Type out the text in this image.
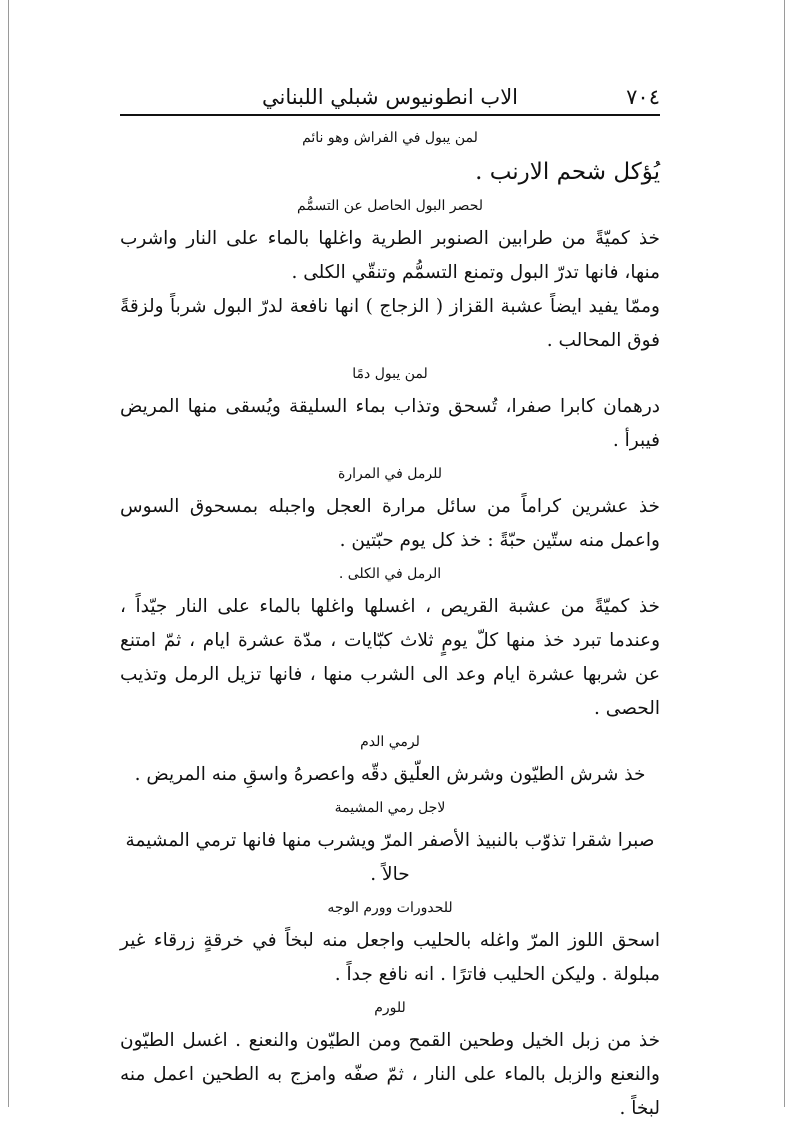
الاب انطونيوس شبلي اللبناني	٧٠٤
لمن يبول في الفراش وهو نائم

يُؤكل شحم الارنب .

لحصر البول الحاصل عن التسمُّم

خذ كميّةً من طرابين الصنوبر الطرية واغلها بالماء على النار واشرب منها، فانها تدرّ البول وتمنع التسمُّم وتنقّي الكلى .

وممّا يفيد ايضاً عشبة القزاز ( الزجاج ) انها نافعة لدرّ البول شرباً ولزقةً فوق المحالب .

لمن يبول دمًا

درهمان كابرا صفرا، تُسحق وتذاب بماء السليقة ويُسقى منها المريض فيبرأ .

للرمل في المرارة

خذ عشرين كراماً من سائل مرارة العجل واجبله بمسحوق السوس واعمل منه ستّين حبّةً : خذ كل يوم حبّتين .

الرمل في الكلى .

خذ كميّةً من عشبة القريص ، اغسلها واغلها بالماء على النار جيّداً ، وعندما تبرد خذ منها كلّ يومٍ ثلاث كبّايات ، مدّة عشرة ايام ، ثمّ امتنع عن شربها عشرة ايام وعد الى الشرب منها ، فانها تزيل الرمل وتذيب الحصى .

لرمي الدم

خذ شرش الطيّون وشرش العلّيق دقّه واعصرهُ واسقِ منه المريض .

لاجل رمي المشيمة

صبرا شقرا تذوّب بالنبيذ الأصفر المرّ ويشرب منها فانها ترمي المشيمة حالاً .

للحدورات وورم الوجه

اسحق اللوز المرّ واغله بالحليب واجعل منه لبخاً في خرقةٍ زرقاء غير مبلولة . وليكن الحليب فاترًا . انه نافع جداً .

للورم

خذ من زبل الخيل وطحين القمح ومن الطيّون والنعنع . اغسل الطيّون والنعنع والزبل بالماء على النار ، ثمّ صفّه وامزج به الطحين اعمل منه لبخاً .
